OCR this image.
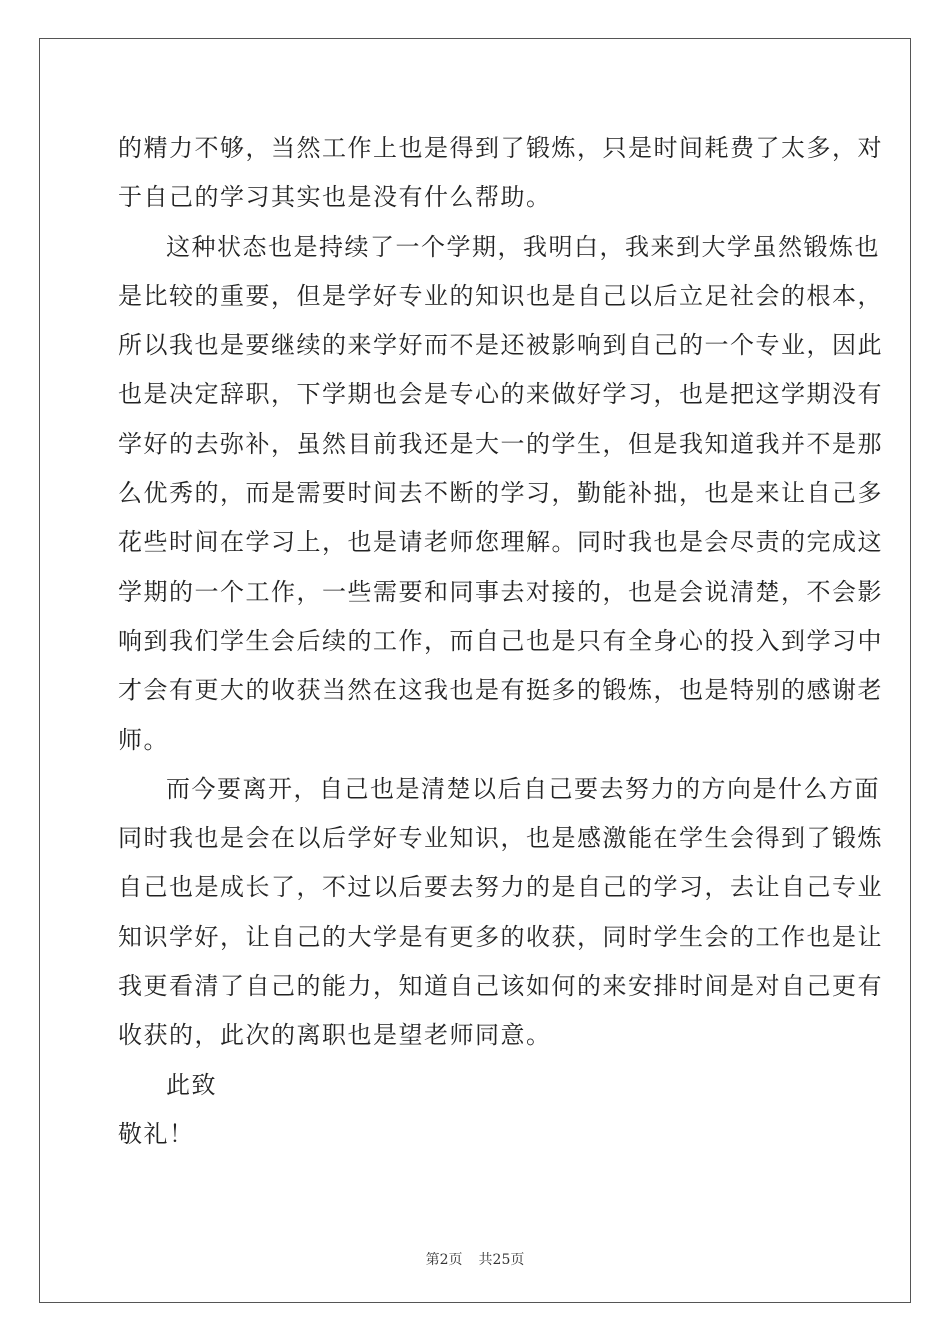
的精力不够，当然工作上也是得到了锻炼，只是时间耗费了太多，对
于自己的学习其实也是没有什么帮助。
这种状态也是持续了一个学期，我明白，我来到大学虽然锻炼也
是比较的重要，但是学好专业的知识也是自己以后立足社会的根本，
所以我也是要继续的来学好而不是还被影响到自己的一个专业，因此
也是决定辞职，下学期也会是专心的来做好学习，也是把这学期没有
学好的去弥补，虽然目前我还是大一的学生，但是我知道我并不是那
么优秀的，而是需要时间去不断的学习，勤能补拙，也是来让自己多
花些时间在学习上，也是请老师您理解。同时我也是会尽责的完成这
学期的一个工作，一些需要和同事去对接的，也是会说清楚，不会影
响到我们学生会后续的工作，而自己也是只有全身心的投入到学习中
才会有更大的收获当然在这我也是有挺多的锻炼，也是特别的感谢老
师。
而今要离开，自己也是清楚以后自己要去努力的方向是什么方面
同时我也是会在以后学好专业知识，也是感激能在学生会得到了锻炼
自己也是成长了，不过以后要去努力的是自己的学习，去让自己专业
知识学好，让自己的大学是有更多的收获，同时学生会的工作也是让
我更看清了自己的能力，知道自己该如何的来安排时间是对自己更有
收获的，此次的离职也是望老师同意。
此致
敬礼！
第2页 共25页
